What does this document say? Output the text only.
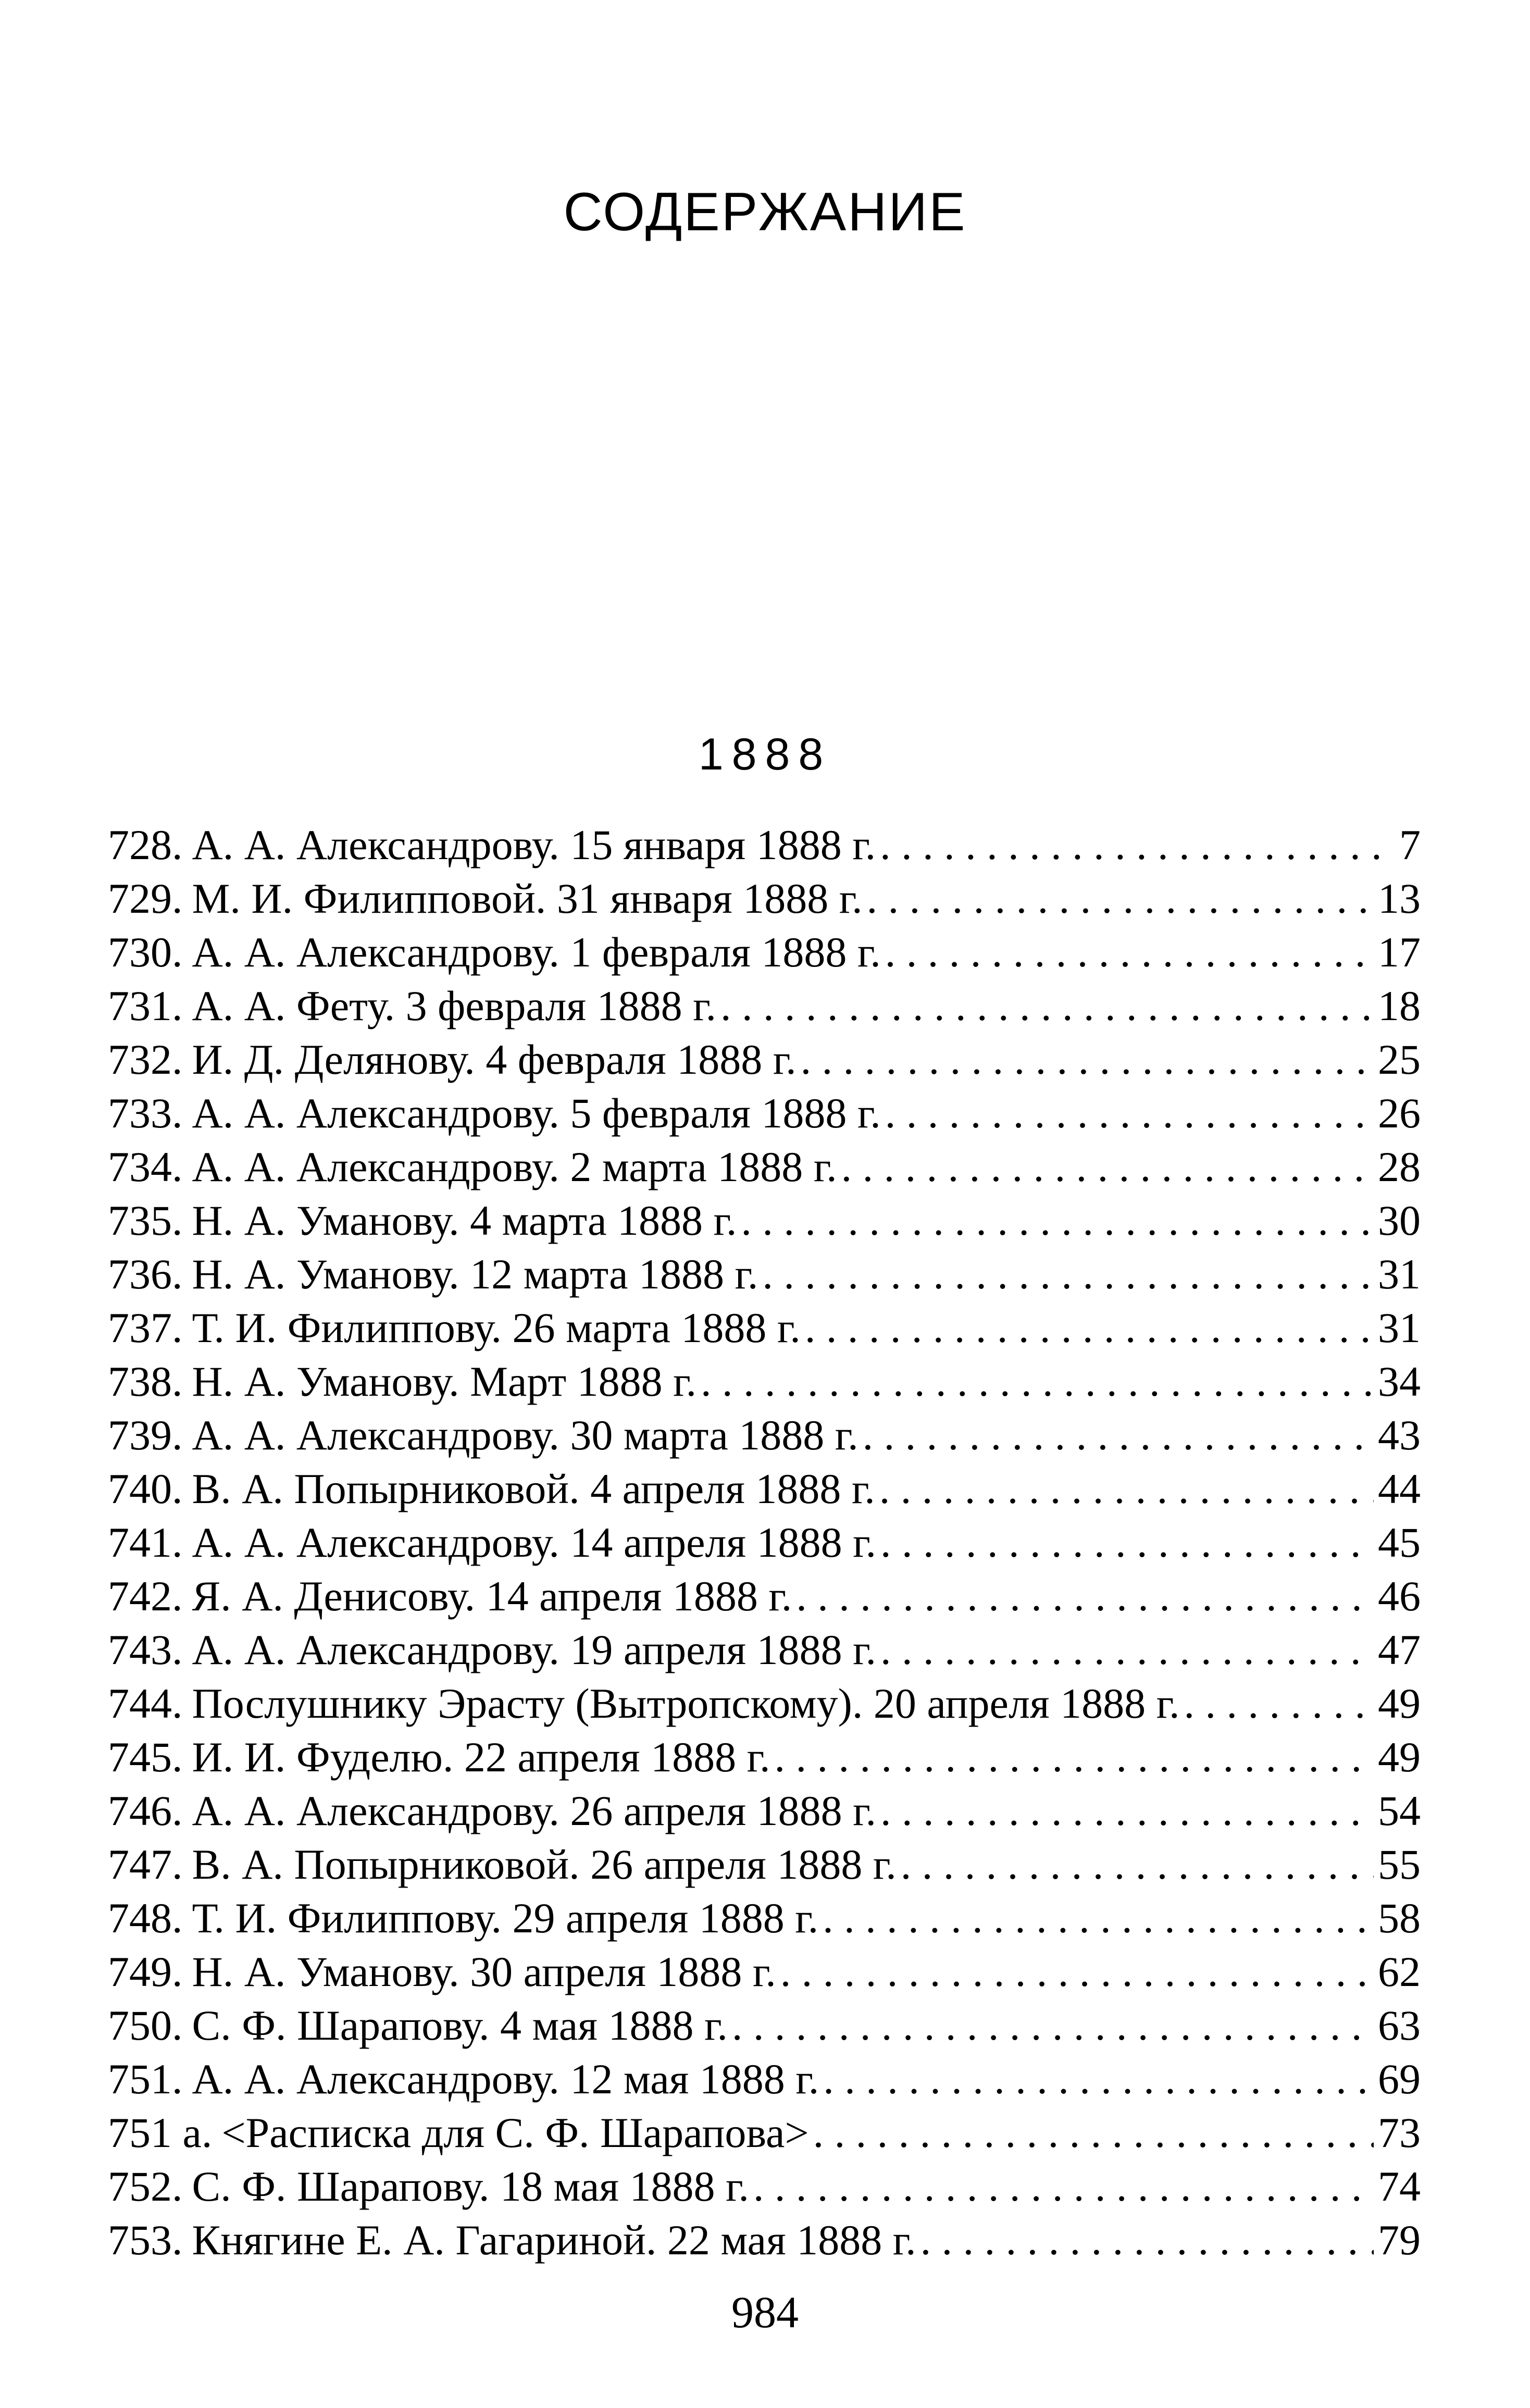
СОДЕРЖАНИЕ
1888
728. А. А. Александрову. 15 января 1888 г. . . .	7
729. М. И. Филипповой. 31 января 1888 г. . . .	13
730. А. А. Александрову. 1 февраля 1888 г. . . .	17
731. А. А. Фету. 3 февраля 1888 г. . . .	18
732. И. Д. Делянову. 4 февраля 1888 г. . . .	25
733. А. А. Александрову. 5 февраля 1888 г. . . .	26
734. А. А. Александрову. 2 марта 1888 г. . . .	28
735. Н. А. Уманову. 4 марта 1888 г. . . .	30
736. Н. А. Уманову. 12 марта 1888 г. . . .	31
737. Т. И. Филиппову. 26 марта 1888 г. . . .	31
738. Н. А. Уманову. Март 1888 г. . . .	34
739. А. А. Александрову. 30 марта 1888 г. . . .	43
740. В. А. Попырниковой. 4 апреля 1888 г. . . .	44
741. А. А. Александрову. 14 апреля 1888 г. . . .	45
742. Я. А. Денисову. 14 апреля 1888 г. . . .	46
743. А. А. Александрову. 19 апреля 1888 г. . . .	47
744. Послушнику Эрасту (Вытропскому). 20 апреля 1888 г. . . .	49
745. И. И. Фуделю. 22 апреля 1888 г. . . .	49
746. А. А. Александрову. 26 апреля 1888 г. . . .	54
747. В. А. Попырниковой. 26 апреля 1888 г. . . .	55
748. Т. И. Филиппову. 29 апреля 1888 г. . . .	58
749. Н. А. Уманову. 30 апреля 1888 г. . . .	62
750. С. Ф. Шарапову. 4 мая 1888 г. . . .	63
751. А. А. Александрову. 12 мая 1888 г. . . .	69
751 а. <Расписка для С. Ф. Шарапова> . . .	73
752. С. Ф. Шарапову. 18 мая 1888 г. . . .	74
753. Княгине Е. А. Гагариной. 22 мая 1888 г. . . .	79
984
